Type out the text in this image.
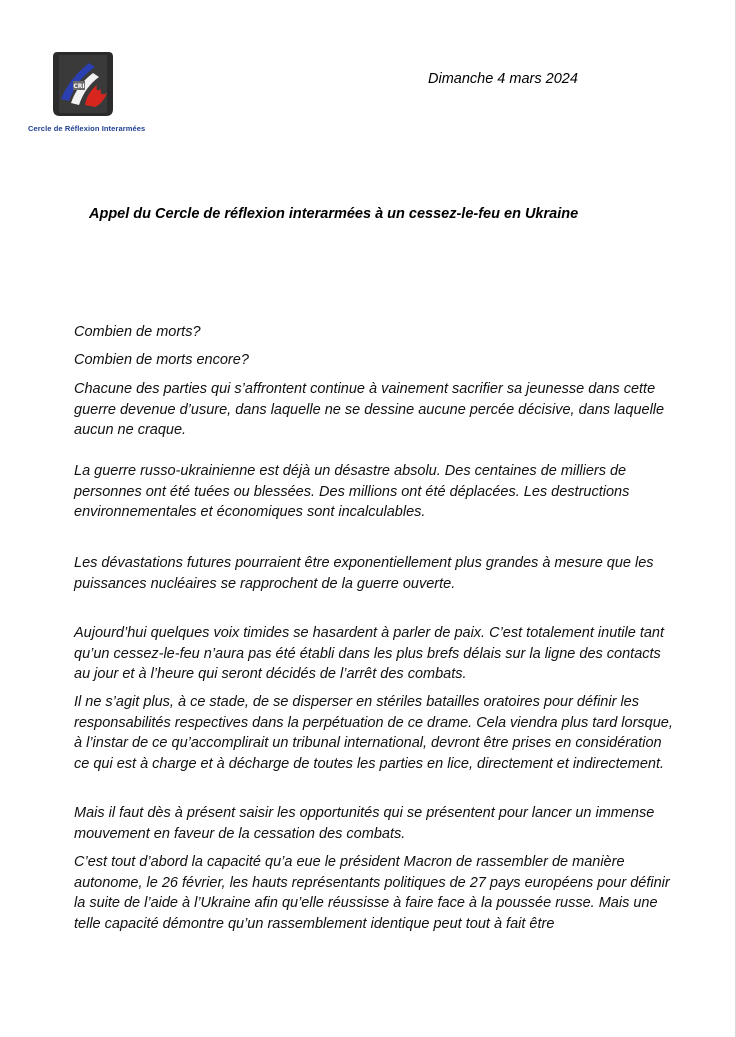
CRI
Cercle de Réflexion Interarmées
Dimanche 4 mars 2024
Appel du Cercle de réflexion interarmées à un cessez-le-feu en Ukraine

Combien de morts?

Combien de morts encore?

Chacune des parties qui s’affrontent continue à vainement sacrifier sa jeunesse dans cette guerre devenue d’usure, dans laquelle ne se dessine aucune percée décisive, dans laquelle aucun ne craque.

La guerre russo-ukrainienne est déjà un désastre absolu. Des centaines de milliers de personnes ont été tuées ou blessées. Des millions ont été déplacées. Les destructions environnementales et économiques sont incalculables.

Les dévastations futures pourraient être exponentiellement plus grandes à mesure que les puissances nucléaires se rapprochent de la guerre ouverte.

Aujourd’hui quelques voix timides se hasardent à parler de paix. C’est totalement inutile tant qu’un cessez-le-feu n’aura pas été établi dans les plus brefs délais sur la ligne des contacts au jour et à l’heure qui seront décidés de l’arrêt des combats.

Il ne s’agit plus, à ce stade, de se disperser en stériles batailles oratoires pour définir les responsabilités respectives dans la perpétuation de ce drame. Cela viendra plus tard lorsque, à l’instar de ce qu’accomplirait un tribunal international, devront être prises en considération ce qui est à charge et à décharge de toutes les parties en lice, directement et indirectement.

Mais il faut dès à présent saisir les opportunités qui se présentent pour lancer un immense mouvement en faveur de la cessation des combats.

C’est tout d’abord la capacité qu’a eue le président Macron de rassembler de manière autonome, le 26 février, les hauts représentants politiques de 27 pays européens pour définir la suite de l’aide à l’Ukraine afin qu’elle réussisse à faire face à la poussée russe. Mais une telle capacité démontre qu’un rassemblement identique peut tout à fait être
